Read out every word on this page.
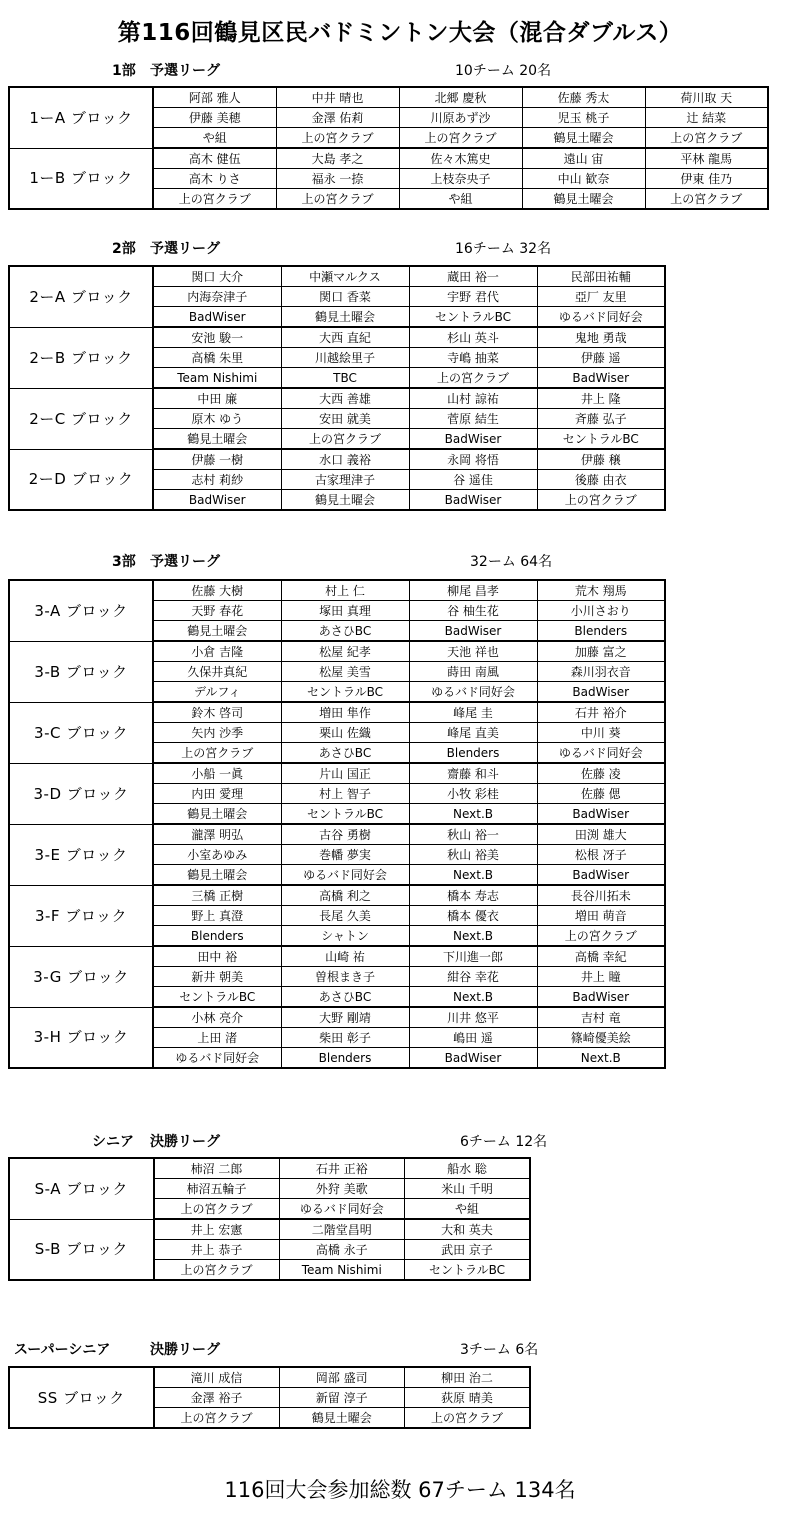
第116回鶴見区民バドミントン大会（混合ダブルス）
1部 予選リーグ	10チーム 20名
1ーA ブロック	阿部 雅人	中井 晴也	北郷 慶秋	佐藤 秀太	荷川取 天
	伊藤 美穂	金澤 佑莉	川原あず沙	児玉 桃子	辻 結菜
	や組	上の宮クラブ	上の宮クラブ	鶴見土曜会	上の宮クラブ
1ーB ブロック	高木 健伍	大島 孝之	佐々木篤史	遠山 宙	平林 龍馬
	高木 りさ	福永 一捺	上枝奈央子	中山 歓奈	伊東 佳乃
	上の宮クラブ	上の宮クラブ	や組	鶴見土曜会	上の宮クラブ
2部 予選リーグ	16チーム 32名
2ーA ブロック	関口 大介	中瀬マルクス	蔵田 裕一	民部田祐輔
	内海奈津子	関口 香菜	宇野 君代	亞厂 友里
	BadWiser	鶴見土曜会	セントラルBC	ゆるバド同好会
2ーB ブロック	安池 駿一	大西 直紀	杉山 英斗	鬼地 勇哉
	高橋 朱里	川越絵里子	寺嶋 抽菜	伊藤 遥
	Team Nishimi	TBC	上の宮クラブ	BadWiser
2ーC ブロック	中田 廉	大西 善雄	山村 諒祐	井上 隆
	原木 ゆう	安田 就美	菅原 結生	斉藤 弘子
	鶴見土曜会	上の宮クラブ	BadWiser	セントラルBC
2ーD ブロック	伊藤 一樹	水口 義裕	永岡 将悟	伊藤 穣
	志村 莉紗	古家理津子	谷 遥佳	後藤 由衣
	BadWiser	鶴見土曜会	BadWiser	上の宮クラブ
3部 予選リーグ	32ーム 64名
3-A ブロック	佐藤 大樹	村上 仁	柳尾 昌孝	荒木 翔馬
	天野 春花	塚田 真理	谷 柚生花	小川さおり
	鶴見土曜会	あさひBC	BadWiser	Blenders
3-B ブロック	小倉 吉隆	松屋 紀孝	天池 祥也	加藤 富之
	久保井真紀	松屋 美雪	蒔田 南風	森川羽衣音
	デルフィ	セントラルBC	ゆるバド同好会	BadWiser
3-C ブロック	鈴木 啓司	増田 隼作	峰尾 圭	石井 裕介
	矢内 沙季	栗山 佐織	峰尾 直美	中川 葵
	上の宮クラブ	あさひBC	Blenders	ゆるバド同好会
3-D ブロック	小船 一眞	片山 国正	齋藤 和斗	佐藤 凌
	内田 愛理	村上 智子	小牧 彩桂	佐藤 偲
	鶴見土曜会	セントラルBC	Next.B	BadWiser
3-E ブロック	瀧澤 明弘	古谷 勇樹	秋山 裕一	田渕 雄大
	小室あゆみ	巻幡 夢実	秋山 裕美	松根 冴子
	鶴見土曜会	ゆるバド同好会	Next.B	BadWiser
3-F ブロック	三橋 正樹	高橋 利之	橋本 寿志	長谷川拓未
	野上 真澄	長尾 久美	橋本 優衣	増田 萌音
	Blenders	シャトン	Next.B	上の宮クラブ
3-G ブロック	田中 裕	山崎 祐	下川進一郎	高橋 幸紀
	新井 朝美	曽根まき子	紺谷 幸花	井上 瞳
	セントラルBC	あさひBC	Next.B	BadWiser
3-H ブロック	小林 亮介	大野 剛靖	川井 悠平	吉村 竜
	上田 渚	柴田 彰子	嶋田 遥	篠崎優美絵
	ゆるバド同好会	Blenders	BadWiser	Next.B
シニア 決勝リーグ	6チーム 12名
S-A ブロック	柿沼 二郎	石井 正裕	船水 聡
	柿沼五輪子	外狩 美歌	米山 千明
	上の宮クラブ	ゆるバド同好会	や組
S-B ブロック	井上 宏憲	二階堂昌明	大和 英夫
	井上 恭子	高橋 永子	武田 京子
	上の宮クラブ	Team Nishimi	セントラルBC
スーパーシニア	決勝リーグ	3チーム 6名
SS ブロック	滝川 成信	岡部 盛司	柳田 治二
	金澤 裕子	新留 淳子	荻原 晴美
	上の宮クラブ	鶴見土曜会	上の宮クラブ
116回大会参加総数 67チーム 134名
